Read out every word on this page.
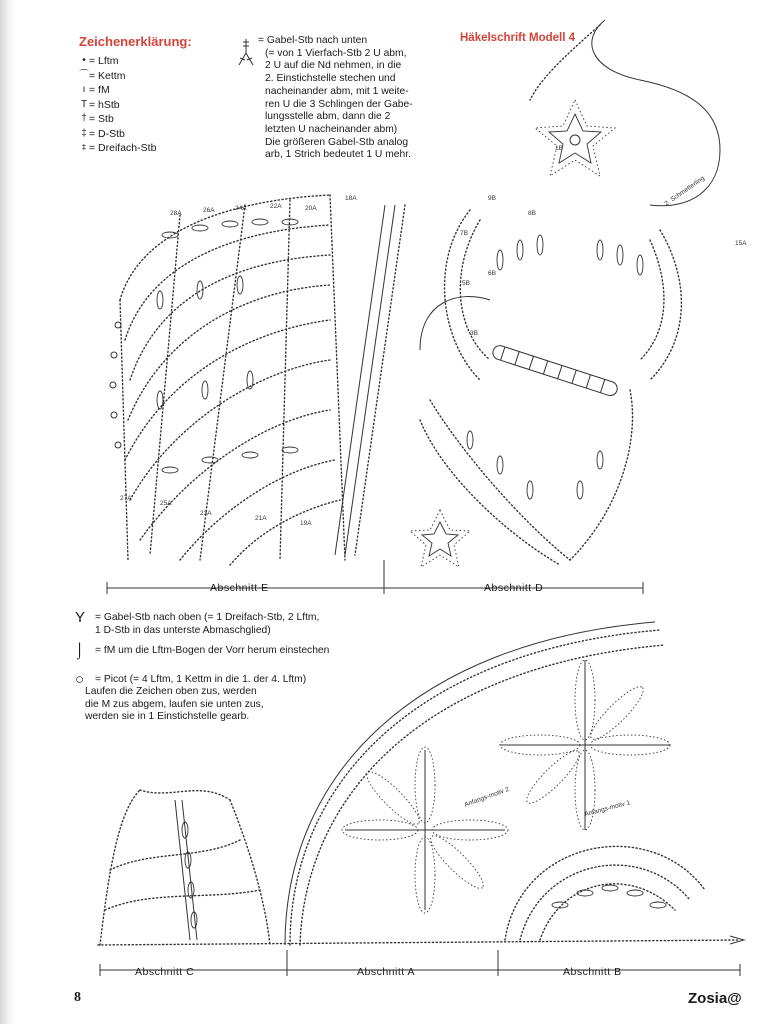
Zeichenerklärung:	Häkelschrift Modell 4
• = Lftm
⌒ = Kettm
ı = fM
T = hStb
† = Stb
‡ = D-Stb
⧧ = Dreifach-Stb
= Gabel-Stb nach unten
(= von 1 Vierfach-Stb 2 U abm,
2 U auf die Nd nehmen, in die
2. Einstichstelle stechen und
nacheinander abm, mit 1 weite-
ren U die 3 Schlingen der Gabe-
lungsstelle abm, dann die 2
letzten U nacheinander abm)
Die größeren Gabel-Stb analog
arb, 1 Strich bedeutet 1 U mehr.
28A	26A	24A	22A	20A
18A
27A
25A
23A
21A
19A
9B
8B
7B
6B
5B
3B
1B
15A
2. Schmetterling
Anfangs-motiv 2
Anfangs-motiv 1
Y = Gabel-Stb nach oben (= 1 Dreifach-Stb, 2 Lftm,
1 D-Stb in das unterste Abmaschglied)
⌡ = fM um die Lftm-Bogen der Vorr herum einstechen
○ = Picot (= 4 Lftm, 1 Kettm in die 1. der 4. Lftm)
Laufen die Zeichen oben zus, werden
die M zus abgem, laufen sie unten zus,
werden sie in 1 Einstichstelle gearb.
Abschnitt E	Abschnitt D
Abschnitt C	Abschnitt A	Abschnitt B
8	Zosia@
